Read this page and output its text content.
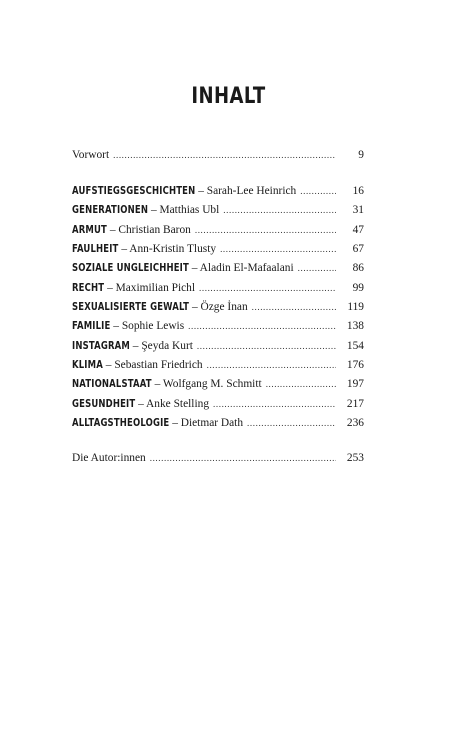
INHALT
Vorwort .....	9
AUFSTIEGSGESCHICHTEN – Sarah-Lee Heinrich .....	16
GENERATIONEN – Matthias Ubl .....	31
ARMUT – Christian Baron .....	47
FAULHEIT – Ann-Kristin Tlusty .....	67
SOZIALE UNGLEICHHEIT – Aladin El-Mafaalani .....	86
RECHT – Maximilian Pichl .....	99
SEXUALISIERTE GEWALT – Özge İnan .....	119
FAMILIE – Sophie Lewis .....	138
INSTAGRAM – Şeyda Kurt .....	154
KLIMA – Sebastian Friedrich .....	176
NATIONALSTAAT – Wolfgang M. Schmitt .....	197
GESUNDHEIT – Anke Stelling .....	217
ALLTAGSTHEOLOGIE – Dietmar Dath .....	236
Die Autor:innen .....	253
